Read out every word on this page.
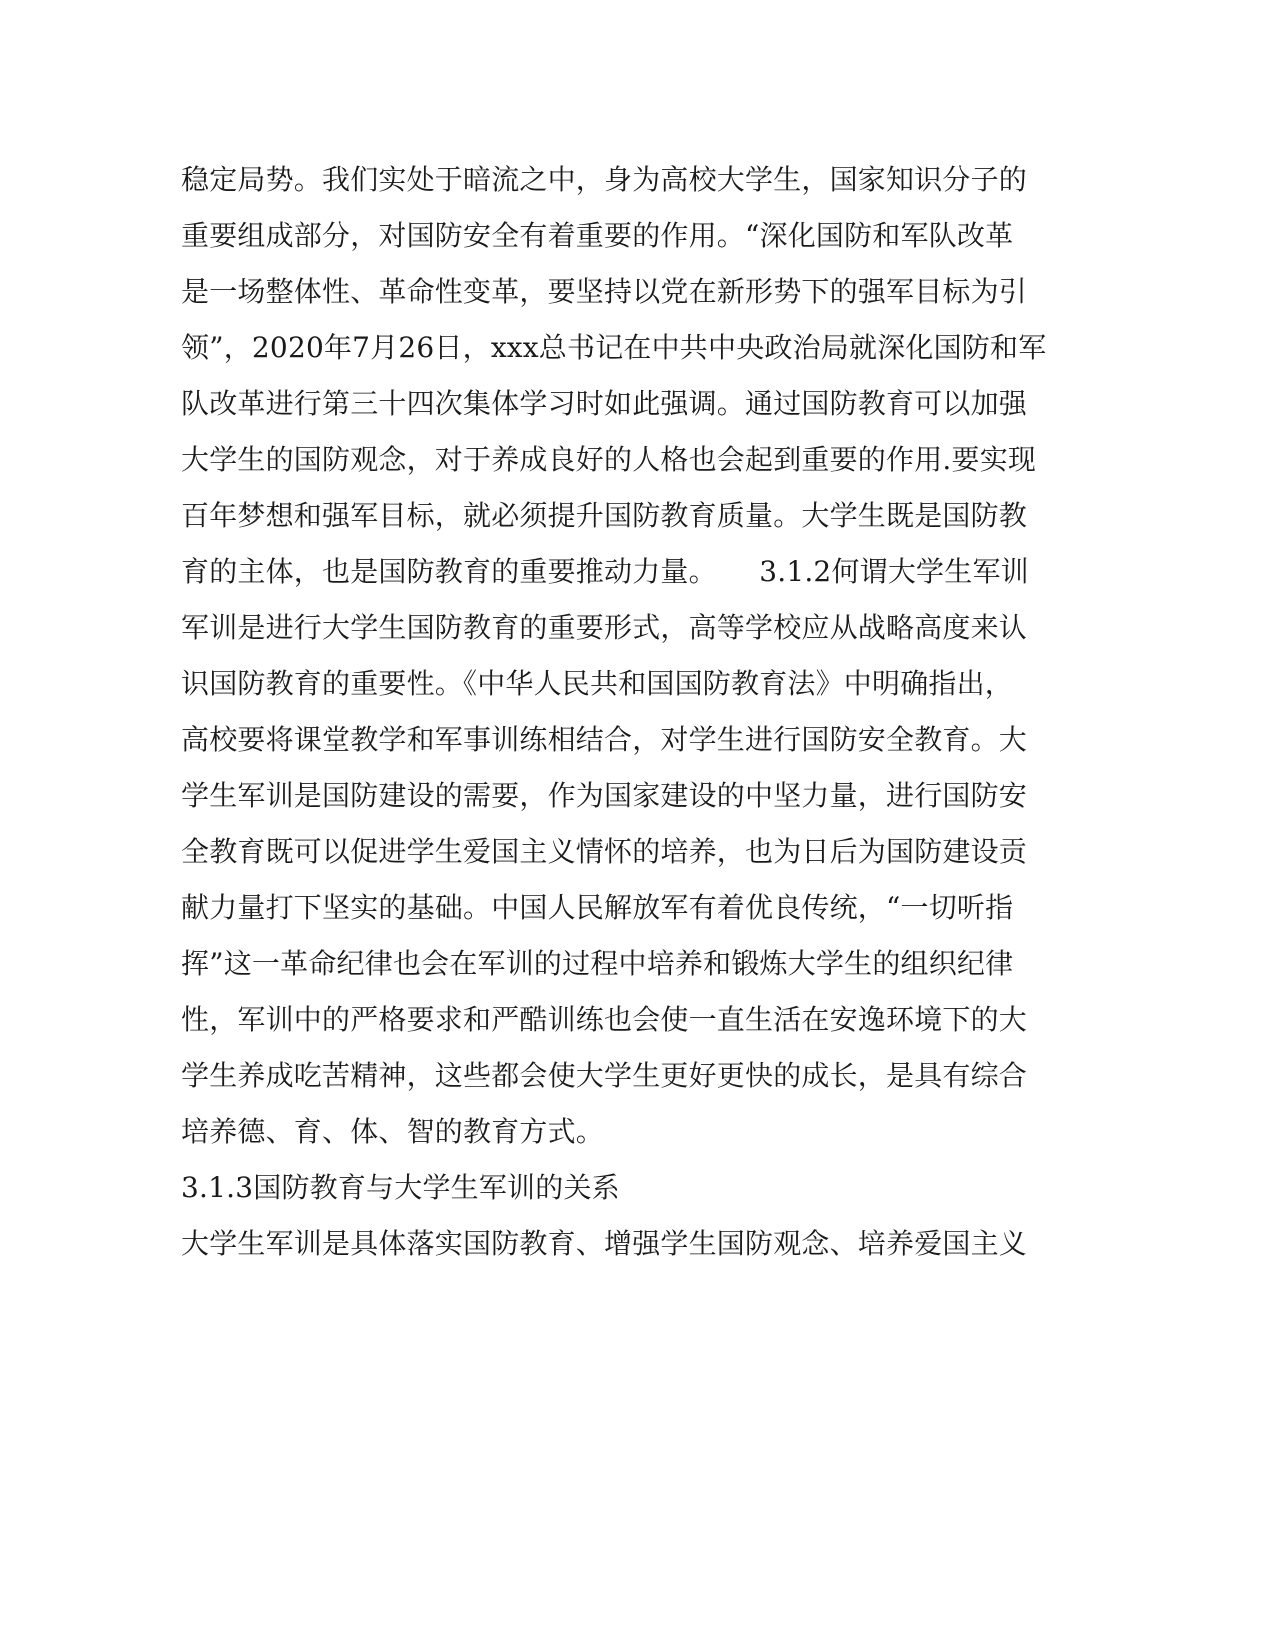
稳定局势。我们实处于暗流之中，身为高校大学生，国家知识分子的
重要组成部分，对国防安全有着重要的作用。“深化国防和军队改革
是一场整体性、革命性变革，要坚持以党在新形势下的强军目标为引
领”，2020年7月26日，xxx总书记在中共中央政治局就深化国防和军
队改革进行第三十四次集体学习时如此强调。通过国防教育可以加强
大学生的国防观念，对于养成良好的人格也会起到重要的作用.要实现
百年梦想和强军目标，就必须提升国防教育质量。大学生既是国防教
育的主体，也是国防教育的重要推动力量。　　3.1.2何谓大学生军训
军训是进行大学生国防教育的重要形式，高等学校应从战略高度来认
识国防教育的重要性。《中华人民共和国国防教育法》中明确指出，
高校要将课堂教学和军事训练相结合，对学生进行国防安全教育。大
学生军训是国防建设的需要，作为国家建设的中坚力量，进行国防安
全教育既可以促进学生爱国主义情怀的培养，也为日后为国防建设贡
献力量打下坚实的基础。中国人民解放军有着优良传统，“一切听指
挥”这一革命纪律也会在军训的过程中培养和锻炼大学生的组织纪律
性，军训中的严格要求和严酷训练也会使一直生活在安逸环境下的大
学生养成吃苦精神，这些都会使大学生更好更快的成长，是具有综合
培养德、育、体、智的教育方式。
3.1.3国防教育与大学生军训的关系
大学生军训是具体落实国防教育、增强学生国防观念、培养爱国主义
